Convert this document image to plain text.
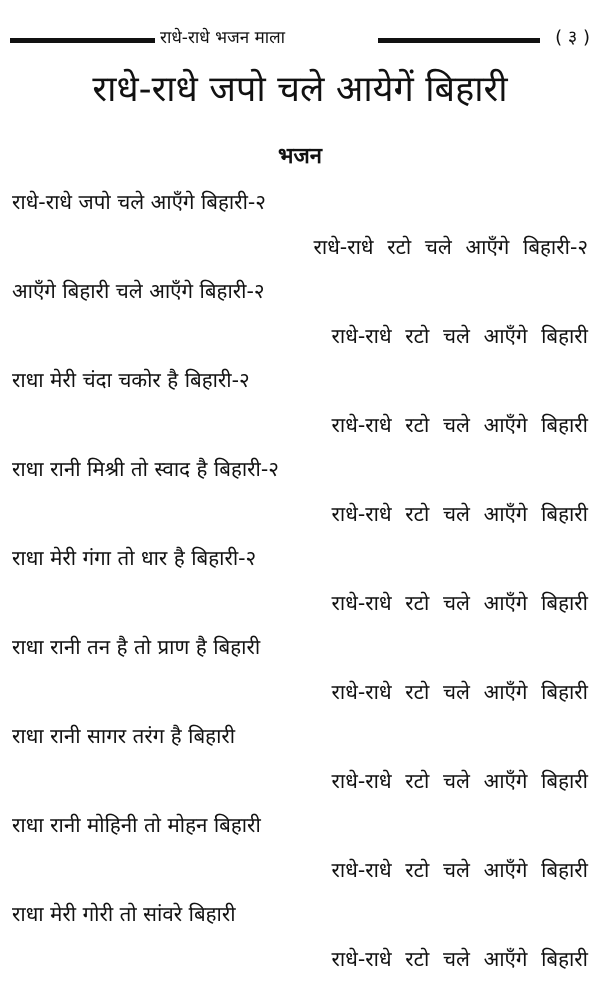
राधे-राधे भजन माला	( ३ )
राधे-राधे जपो चले आयेगें बिहारी
भजन
राधे-राधे जपो चले आएँगे बिहारी-२
राधे-राधे रटो चले आएँगे बिहारी-२
आएँगे बिहारी चले आएँगे बिहारी-२
राधे-राधे रटो चले आएँगे बिहारी
राधा मेरी चंदा चकोर है बिहारी-२
राधे-राधे रटो चले आएँगे बिहारी
राधा रानी मिश्री तो स्वाद है बिहारी-२
राधे-राधे रटो चले आएँगे बिहारी
राधा मेरी गंगा तो धार है बिहारी-२
राधे-राधे रटो चले आएँगे बिहारी
राधा रानी तन है तो प्राण है बिहारी
राधे-राधे रटो चले आएँगे बिहारी
राधा रानी सागर तरंग है बिहारी
राधे-राधे रटो चले आएँगे बिहारी
राधा रानी मोहिनी तो मोहन बिहारी
राधे-राधे रटो चले आएँगे बिहारी
राधा मेरी गोरी तो सांवरे बिहारी
राधे-राधे रटो चले आएँगे बिहारी
